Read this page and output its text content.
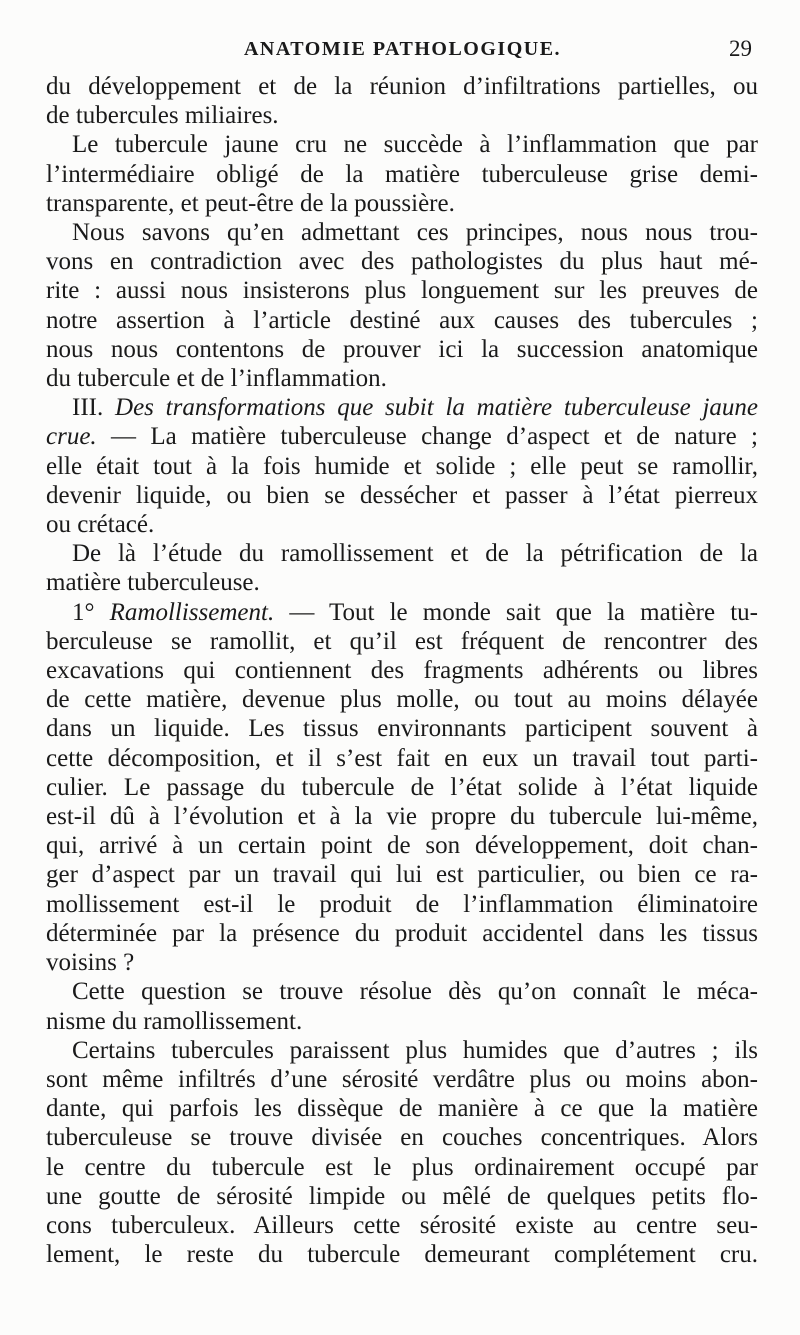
ANATOMIE PATHOLOGIQUE.	29

du développement et de la réunion d’infiltrations partielles, ou

de tubercules miliaires.

Le tubercule jaune cru ne succède à l’inflammation que par

l’intermédiaire obligé de la matière tuberculeuse grise demi-

transparente, et peut-être de la poussière.

Nous savons qu’en admettant ces principes, nous nous trou-

vons en contradiction avec des pathologistes du plus haut mé-

rite : aussi nous insisterons plus longuement sur les preuves de

notre assertion à l’article destiné aux causes des tubercules ;

nous nous contentons de prouver ici la succession anatomique

du tubercule et de l’inflammation.

III. Des transformations que subit la matière tuberculeuse jaune

crue. — La matière tuberculeuse change d’aspect et de nature ;

elle était tout à la fois humide et solide ; elle peut se ramollir,

devenir liquide, ou bien se dessécher et passer à l’état pierreux

ou crétacé.

De là l’étude du ramollissement et de la pétrification de la

matière tuberculeuse.

1° Ramollissement. — Tout le monde sait que la matière tu-

berculeuse se ramollit, et qu’il est fréquent de rencontrer des

excavations qui contiennent des fragments adhérents ou libres

de cette matière, devenue plus molle, ou tout au moins délayée

dans un liquide. Les tissus environnants participent souvent à

cette décomposition, et il s’est fait en eux un travail tout parti-

culier. Le passage du tubercule de l’état solide à l’état liquide

est-il dû à l’évolution et à la vie propre du tubercule lui-même,

qui, arrivé à un certain point de son développement, doit chan-

ger d’aspect par un travail qui lui est particulier, ou bien ce ra-

mollissement est-il le produit de l’inflammation éliminatoire

déterminée par la présence du produit accidentel dans les tissus

voisins ?

Cette question se trouve résolue dès qu’on connaît le méca-

nisme du ramollissement.

Certains tubercules paraissent plus humides que d’autres ; ils

sont même infiltrés d’une sérosité verdâtre plus ou moins abon-

dante, qui parfois les dissèque de manière à ce que la matière

tuberculeuse se trouve divisée en couches concentriques. Alors

le centre du tubercule est le plus ordinairement occupé par

une goutte de sérosité limpide ou mêlé de quelques petits flo-

cons tuberculeux. Ailleurs cette sérosité existe au centre seu-

lement, le reste du tubercule demeurant complétement cru.
